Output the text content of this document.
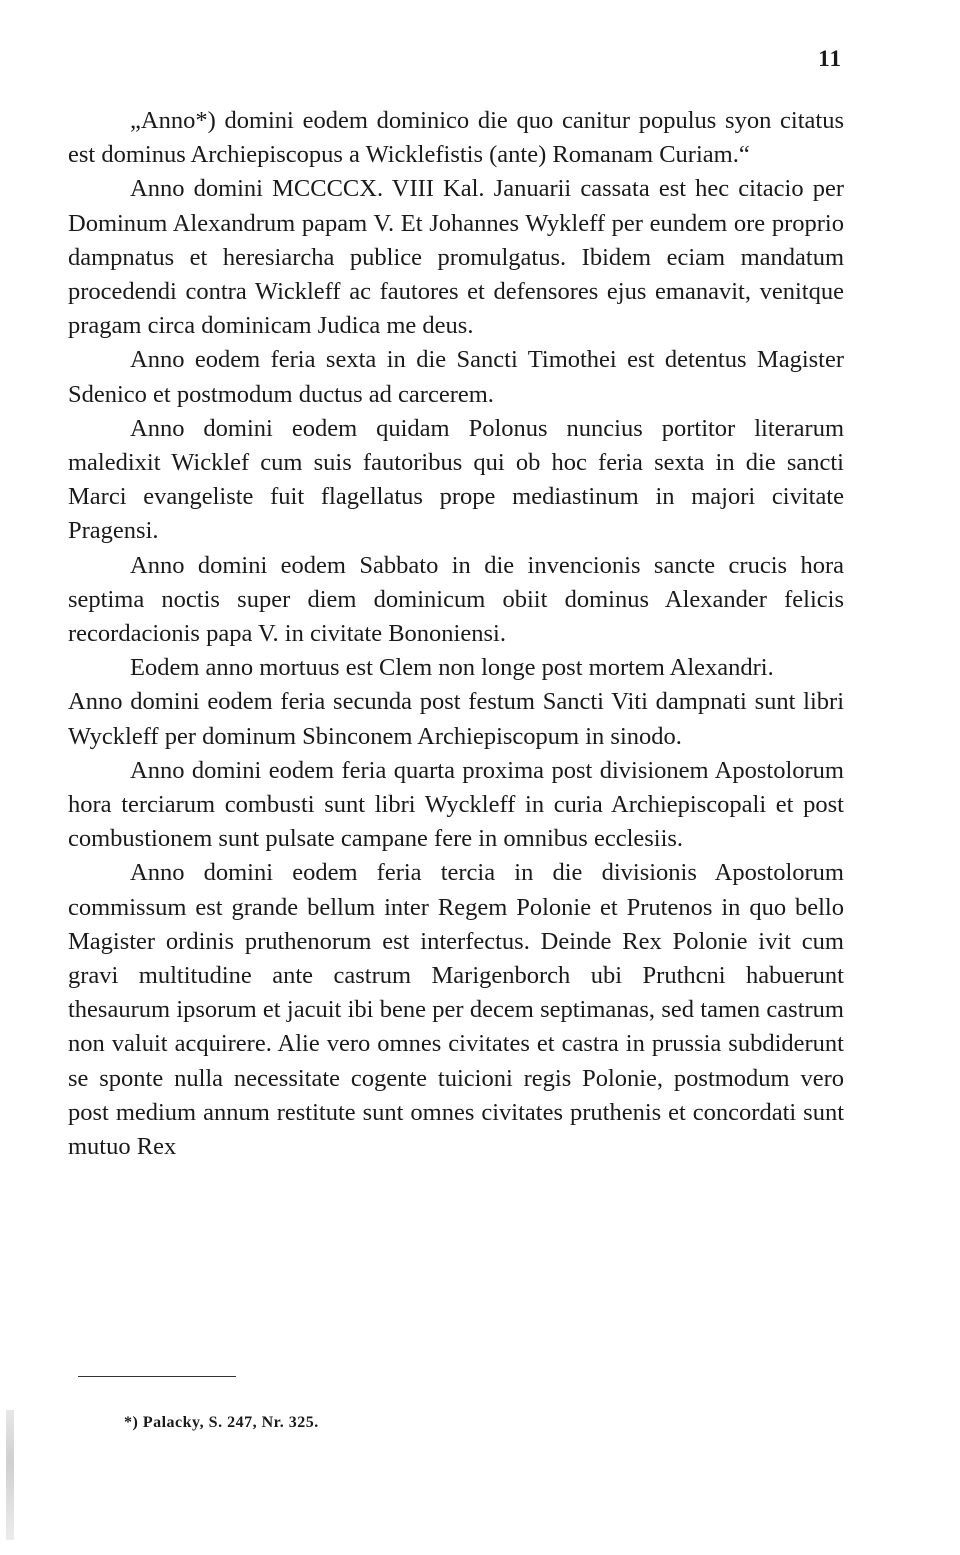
11

„Anno*) domini eodem dominico die quo canitur populus syon citatus est dominus Archiepiscopus a Wicklefistis (ante) Romanam Curiam.“

Anno domini MCCCCX. VIII Kal. Januarii cassata est hec citacio per Dominum Alexandrum papam V. Et Johannes Wykleff per eundem ore proprio dampnatus et heresiarcha publice promulgatus. Ibidem eciam mandatum procedendi contra Wickleff ac fautores et defensores ejus emanavit, venitque pragam circa dominicam Judica me deus.

Anno eodem feria sexta in die Sancti Timothei est detentus Magister Sdenico et postmodum ductus ad carcerem.

Anno domini eodem quidam Polonus nuncius portitor literarum maledixit Wicklef cum suis fautoribus qui ob hoc feria sexta in die sancti Marci evangeliste fuit flagellatus prope mediastinum in majori civitate Pragensi.

Anno domini eodem Sabbato in die invencionis sancte crucis hora septima noctis super diem dominicum obiit dominus Alexander felicis recordacionis papa V. in civitate Bononiensi.

Eodem anno mortuus est Clem non longe post mortem Alexandri.

Anno domini eodem feria secunda post festum Sancti Viti dampnati sunt libri Wyckleff per dominum Sbinconem Archiepiscopum in sinodo.

Anno domini eodem feria quarta proxima post divisionem Apostolorum hora terciarum combusti sunt libri Wyckleff in curia Archiepiscopali et post combustionem sunt pulsate campane fere in omnibus ecclesiis.

Anno domini eodem feria tercia in die divisionis Apostolorum commissum est grande bellum inter Regem Polonie et Prutenos in quo bello Magister ordinis pruthenorum est interfectus. Deinde Rex Polonie ivit cum gravi multitudine ante castrum Marigenborch ubi Pruthcni habuerunt thesaurum ipsorum et jacuit ibi bene per decem septimanas, sed tamen castrum non valuit acquirere. Alie vero omnes civitates et castra in prussia subdiderunt se sponte nulla necessitate cogente tuicioni regis Polonie, postmodum vero post medium annum restitute sunt omnes civitates pruthenis et concordati sunt mutuo Rex

*) Palacky, S. 247, Nr. 325.
